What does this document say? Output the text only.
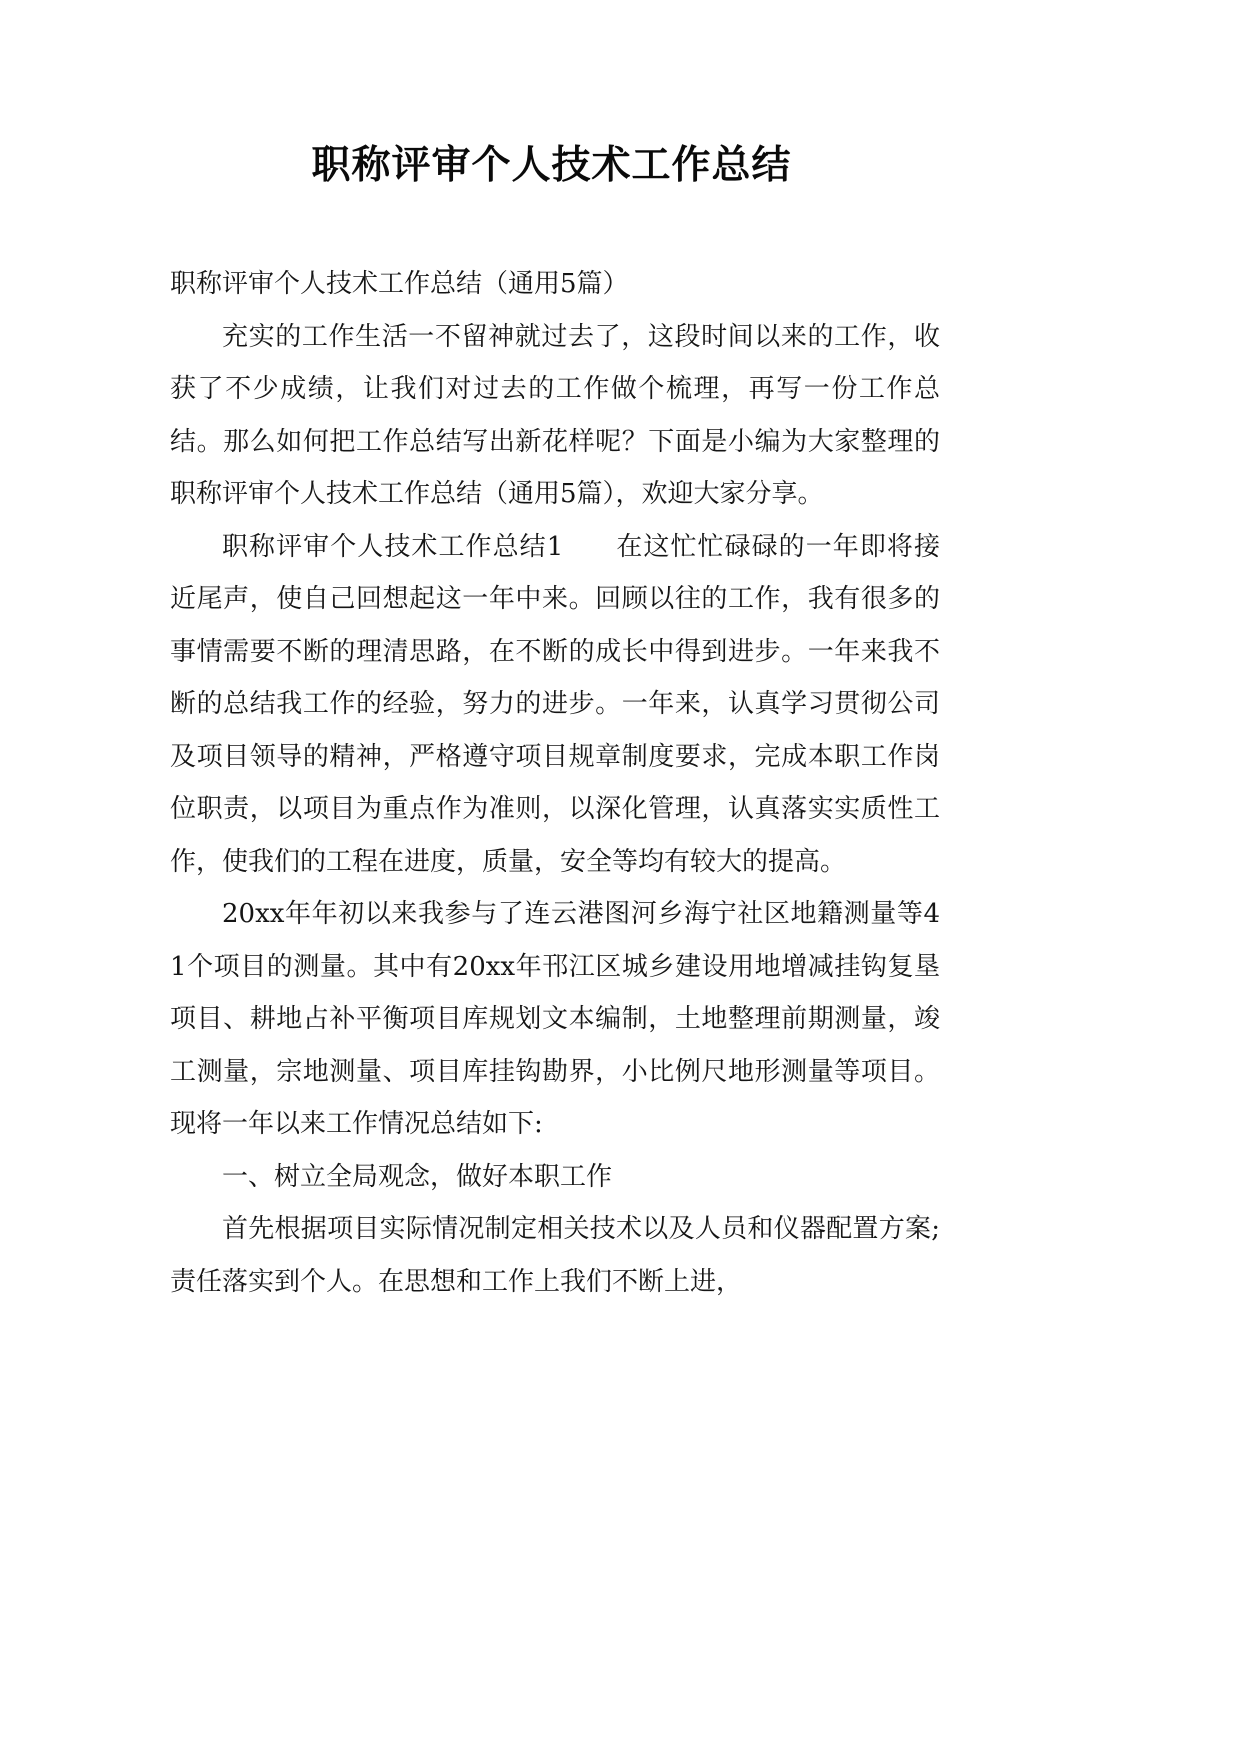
职称评审个人技术工作总结

职称评审个人技术工作总结（通用5篇）

充实的工作生活一不留神就过去了，这段时间以来的工作，收获了不少成绩，让我们对过去的工作做个梳理，再写一份工作总结。那么如何把工作总结写出新花样呢？下面是小编为大家整理的职称评审个人技术工作总结（通用5篇），欢迎大家分享。

职称评审个人技术工作总结1 在这忙忙碌碌的一年即将接近尾声，使自己回想起这一年中来。回顾以往的工作，我有很多的事情需要不断的理清思路，在不断的成长中得到进步。一年来我不断的总结我工作的经验，努力的进步。一年来，认真学习贯彻公司及项目领导的精神，严格遵守项目规章制度要求，完成本职工作岗位职责，以项目为重点作为准则，以深化管理，认真落实实质性工作，使我们的工程在进度，质量，安全等均有较大的提高。

20xx年年初以来我参与了连云港图河乡海宁社区地籍测量等41个项目的测量。其中有20xx年邗江区城乡建设用地增减挂钩复垦项目、耕地占补平衡项目库规划文本编制，土地整理前期测量，竣工测量，宗地测量、项目库挂钩勘界，小比例尺地形测量等项目。现将一年以来工作情况总结如下:

一、树立全局观念，做好本职工作

首先根据项目实际情况制定相关技术以及人员和仪器配置方案;责任落实到个人。在思想和工作上我们不断上进，
